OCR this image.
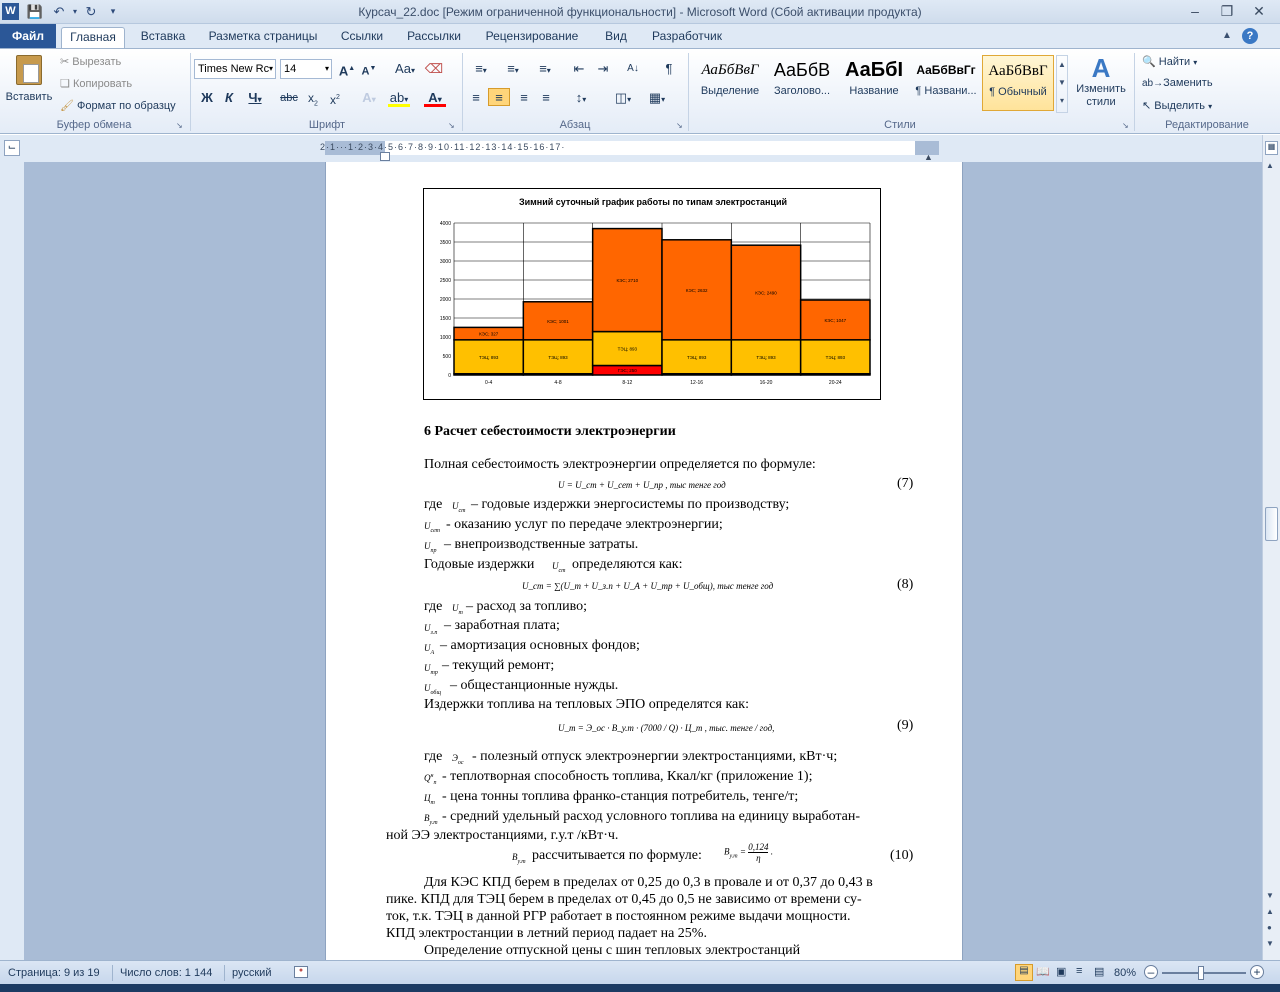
W 💾 ↶	▾ ↻	▾	Курсач_22.doc [Режим ограниченной функциональности] - Microsoft Word (Сбой активации продукта)	–	❐	✕
Главная	Вставка	Разметка страницы	Ссылки	Рассылки	Рецензирование	Вид	Разработчик	▲	?
Файл
Вставить
✂ Вырезать
❏ Копировать
🖌 Формат по образцу
Буфер обмена	↘
Times New Rc ▾	14	▾ A▲ A▼ Aa▾ ⌫
Ж К	Ч▾	abc $x_2$	$x^2$	A▾	ab▾	A▾
Шрифт	↘
≡▾	≡▾	≡▾	⇤ ⇥	А↓	¶
≡	≡	≡	≡	↕▾	◫▾	▦▾
Абзац	↘
АаБбВвГ
Выделение
АаБбВ
Заголово...
АаБбI
Название
АаБбВвГг
¶ Названи...
АаБбВвГ
¶ Обычный
▲
▼
▾
A
Изменить стили
Стили	↘
🔍 Найти ▾
ab→Заменить
↖ Выделить ▾
Редактирование
⌙	2·1···1·2·3·4·5·6·7·8·9·10·11·12·13·14·15·16·17·
▲
Зимний суточный график работы по типам электростанций
4000
3500
3000
2500
2000
1500
1000
500
0
ТЭЦ; 893
КЭС; 327
0-4
ТЭЦ; 893
КЭС; 1001
4-8
ГЭС; 250
ТЭЦ; 893
КЭС; 2710
8-12
ТЭЦ; 893
КЭС; 2632
12-16
ТЭЦ; 893
КЭС; 2490
16-20
ТЭЦ; 893
КЭС; 1047
20-24
6 Расчет себестоимости электроэнергии
Полная себестоимость электроэнергии определяется по формуле:
U = U_ст + U_сет + U_пр , тыс тенге год	(7)
где $U_{ст}$ – годовые издержки энергосистемы по производству;
$U_{сет}$ - оказанию услуг по передаче электроэнергии;
$U_{пр}$ – внепроизводственные затраты.
Годовые издержки $U_{ст}$ определяются как:
U_ст = ∑(U_т + U_з.п + U_А + U_тр + U_общ), тыс тенге год	(8)
где $U_т$ – расход за топливо;
$U_{з.п}$ – заработная плата;
$U_А$ – амортизация основных фондов;
$U_{тр}$ – текущий ремонт;
$U_{общ}$ – общестанционные нужды.
Издержки топлива на тепловых ЭПО определятся как:
U_т = Э_ос · B_у.т · (7000 / Q) · Ц_т , тыс. тенге / год,	(9)
где $Э_{ос}$ - полезный отпуск электроэнергии электростанциями, кВт·ч;
$Q^н_п$ - теплотворная способность топлива, Ккал/кг (приложение 1);
$Ц_т$ - цена тонны топлива франко-станция потребитель, тенге/т;
$B_{у.т}$ - средний удельный расход условного топлива на единицу выработан-
ной ЭЭ электростанциями, г.у.т /кВт·ч.
$B_{у.т}$ рассчитывается по формуле: $B_{у.т} = \frac{0,124}{\eta}$ .	(10)
Для КЭС КПД берем в пределах от 0,25 до 0,3 в провале и от 0,37 до 0,43 в
пике. КПД для ТЭЦ берем в пределах от 0,45 до 0,5 не зависимо от времени су-
ток, т.к. ТЭЦ в данной РГР работает в постоянном режиме выдачи мощности.
КПД электростанции в летний период падает на 25%.
Определение отпускной цены с шин тепловых электростанций
▦
▲
▼
▲
●
▼
Страница: 9 из 19 Число слов: 1 144 русский	●	▤ 📖 ▣ ≡ ▤ 80% –	+
